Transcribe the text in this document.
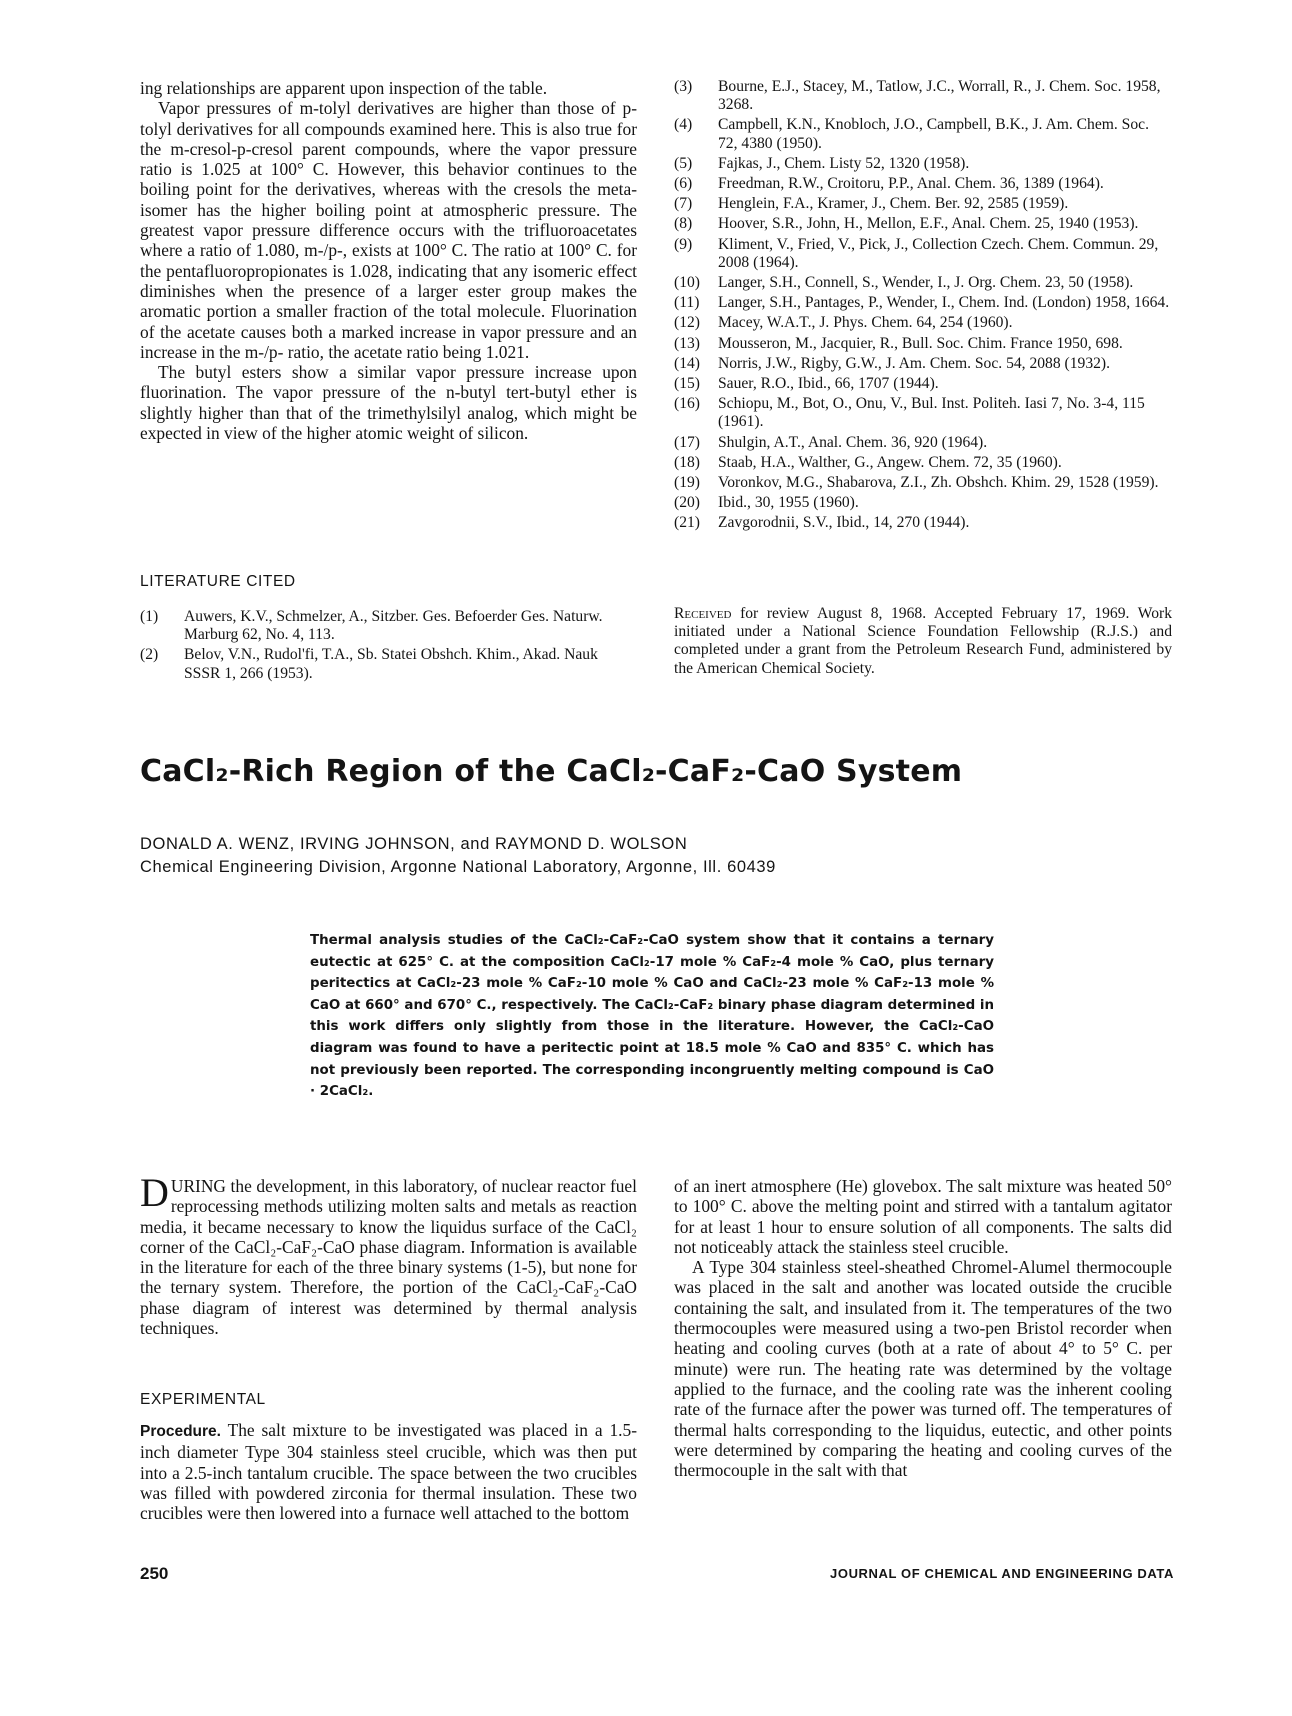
ing relationships are apparent upon inspection of the table.

Vapor pressures of m-tolyl derivatives are higher than those of p-tolyl derivatives for all compounds examined here. This is also true for the m-cresol-p-cresol parent compounds, where the vapor pressure ratio is 1.025 at 100° C. However, this behavior continues to the boiling point for the derivatives, whereas with the cresols the meta-isomer has the higher boiling point at atmospheric pressure. The greatest vapor pressure difference occurs with the trifluoroacetates where a ratio of 1.080, m-/p-, exists at 100° C. The ratio at 100° C. for the pentafluoropropionates is 1.028, indicating that any isomeric effect diminishes when the presence of a larger ester group makes the aromatic portion a smaller fraction of the total molecule. Fluorination of the acetate causes both a marked increase in vapor pressure and an increase in the m-/p- ratio, the acetate ratio being 1.021.

The butyl esters show a similar vapor pressure increase upon fluorination. The vapor pressure of the n-butyl tert-butyl ether is slightly higher than that of the trimethylsilyl analog, which might be expected in view of the higher atomic weight of silicon.

LITERATURE CITED
(1)	Auwers, K.V., Schmelzer, A., Sitzber. Ges. Befoerder Ges. Naturw. Marburg 62, No. 4, 113.
(2)	Belov, V.N., Rudol'fi, T.A., Sb. Statei Obshch. Khim., Akad. Nauk SSSR 1, 266 (1953).
(3)	Bourne, E.J., Stacey, M., Tatlow, J.C., Worrall, R., J. Chem. Soc. 1958, 3268.
(4)	Campbell, K.N., Knobloch, J.O., Campbell, B.K., J. Am. Chem. Soc. 72, 4380 (1950).
(5)	Fajkas, J., Chem. Listy 52, 1320 (1958).
(6)	Freedman, R.W., Croitoru, P.P., Anal. Chem. 36, 1389 (1964).
(7)	Henglein, F.A., Kramer, J., Chem. Ber. 92, 2585 (1959).
(8)	Hoover, S.R., John, H., Mellon, E.F., Anal. Chem. 25, 1940 (1953).
(9)	Kliment, V., Fried, V., Pick, J., Collection Czech. Chem. Commun. 29, 2008 (1964).
(10)	Langer, S.H., Connell, S., Wender, I., J. Org. Chem. 23, 50 (1958).
(11)	Langer, S.H., Pantages, P., Wender, I., Chem. Ind. (London) 1958, 1664.
(12)	Macey, W.A.T., J. Phys. Chem. 64, 254 (1960).
(13)	Mousseron, M., Jacquier, R., Bull. Soc. Chim. France 1950, 698.
(14)	Norris, J.W., Rigby, G.W., J. Am. Chem. Soc. 54, 2088 (1932).
(15)	Sauer, R.O., Ibid., 66, 1707 (1944).
(16)	Schiopu, M., Bot, O., Onu, V., Bul. Inst. Politeh. Iasi 7, No. 3-4, 115 (1961).
(17)	Shulgin, A.T., Anal. Chem. 36, 920 (1964).
(18)	Staab, H.A., Walther, G., Angew. Chem. 72, 35 (1960).
(19)	Voronkov, M.G., Shabarova, Z.I., Zh. Obshch. Khim. 29, 1528 (1959).
(20)	Ibid., 30, 1955 (1960).
(21)	Zavgorodnii, S.V., Ibid., 14, 270 (1944).
Received for review August 8, 1968. Accepted February 17, 1969. Work initiated under a National Science Foundation Fellowship (R.J.S.) and completed under a grant from the Petroleum Research Fund, administered by the American Chemical Society.
CaCl₂-Rich Region of the CaCl₂-CaF₂-CaO System
DONALD A. WENZ, IRVING JOHNSON, and RAYMOND D. WOLSON
Chemical Engineering Division, Argonne National Laboratory, Argonne, Ill. 60439
Thermal analysis studies of the CaCl₂-CaF₂-CaO system show that it contains a ternary eutectic at 625° C. at the composition CaCl₂-17 mole % CaF₂-4 mole % CaO, plus ternary peritectics at CaCl₂-23 mole % CaF₂-10 mole % CaO and CaCl₂-23 mole % CaF₂-13 mole % CaO at 660° and 670° C., respectively. The CaCl₂-CaF₂ binary phase diagram determined in this work differs only slightly from those in the literature. However, the CaCl₂-CaO diagram was found to have a peritectic point at 18.5 mole % CaO and 835° C. which has not previously been reported. The corresponding incongruently melting compound is CaO · 2CaCl₂.

DURING the development, in this laboratory, of nuclear reactor fuel reprocessing methods utilizing molten salts and metals as reaction media, it became necessary to know the liquidus surface of the CaCl₂ corner of the CaCl₂-CaF₂-CaO phase diagram. Information is available in the literature for each of the three binary systems (1-5), but none for the ternary system. Therefore, the portion of the CaCl₂-CaF₂-CaO phase diagram of interest was determined by thermal analysis techniques.

EXPERIMENTAL

Procedure. The salt mixture to be investigated was placed in a 1.5-inch diameter Type 304 stainless steel crucible, which was then put into a 2.5-inch tantalum crucible. The space between the two crucibles was filled with powdered zirconia for thermal insulation. These two crucibles were then lowered into a furnace well attached to the bottom

of an inert atmosphere (He) glovebox. The salt mixture was heated 50° to 100° C. above the melting point and stirred with a tantalum agitator for at least 1 hour to ensure solution of all components. The salts did not noticeably attack the stainless steel crucible.

A Type 304 stainless steel-sheathed Chromel-Alumel thermocouple was placed in the salt and another was located outside the crucible containing the salt, and insulated from it. The temperatures of the two thermocouples were measured using a two-pen Bristol recorder when heating and cooling curves (both at a rate of about 4° to 5° C. per minute) were run. The heating rate was determined by the voltage applied to the furnace, and the cooling rate was the inherent cooling rate of the furnace after the power was turned off. The temperatures of thermal halts corresponding to the liquidus, eutectic, and other points were determined by comparing the heating and cooling curves of the thermocouple in the salt with that

250	JOURNAL OF CHEMICAL AND ENGINEERING DATA
